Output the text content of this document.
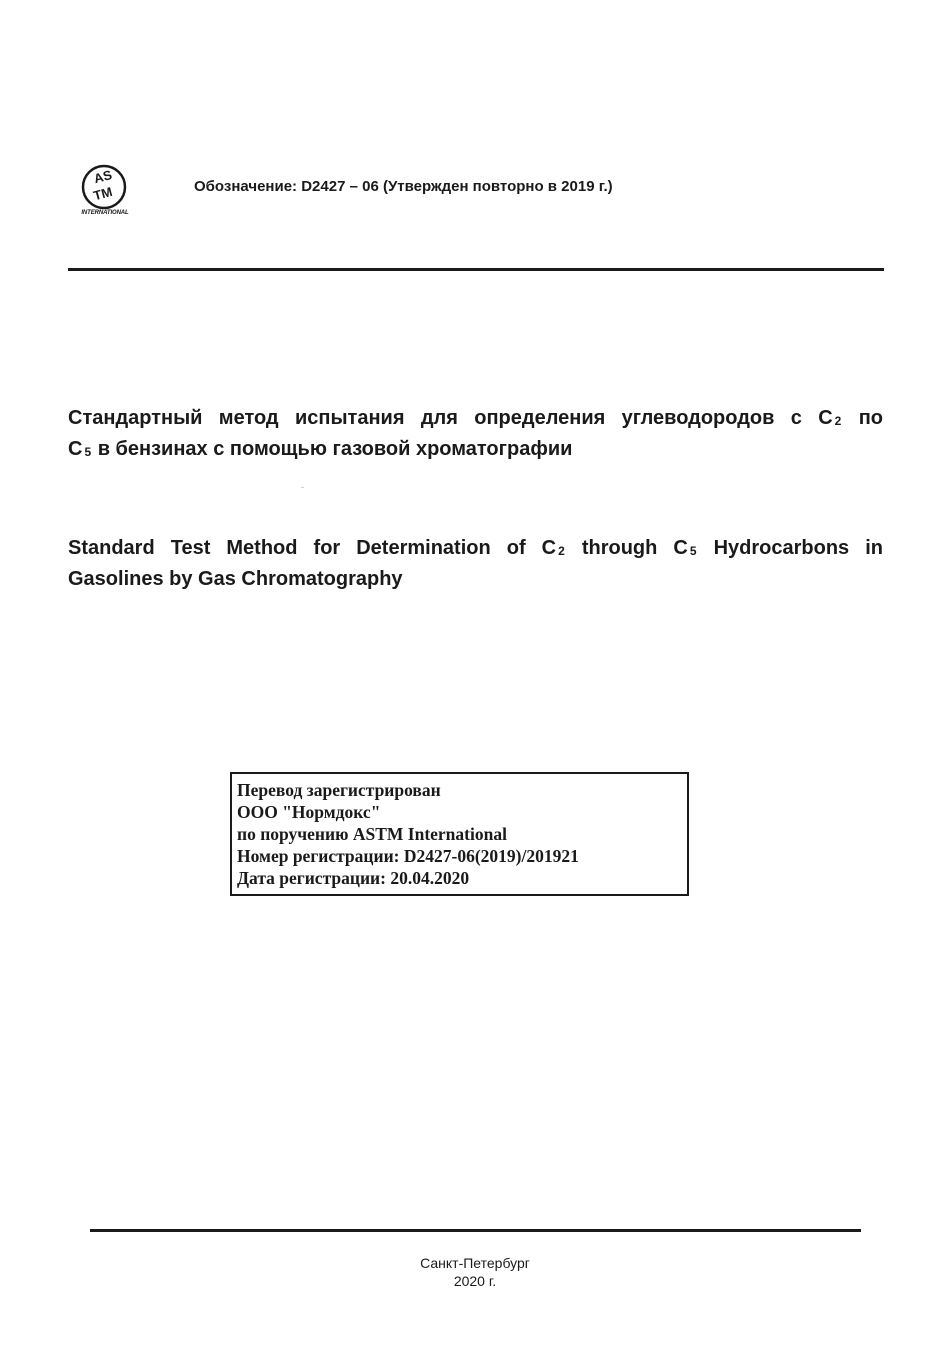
AS
TM
INTERNATIONAL
Обозначение: D2427 – 06 (Утвержден повторно в 2019 г.)
Стандартный метод испытания для определения углеводородов с C $_2$ по
C $_5$ в бензинах с помощью газовой хроматографии
Standard Test Method for Determination of C $_2$ through C $_5$ Hydrocarbons in
Gasolines by Gas Chromatography
Перевод зарегистрирован
ООО "Нормдокс"
по поручению ASTM International
Номер регистрации: D2427-06(2019)/201921
Дата регистрации: 20.04.2020
Санкт-Петербург
2020 г.
